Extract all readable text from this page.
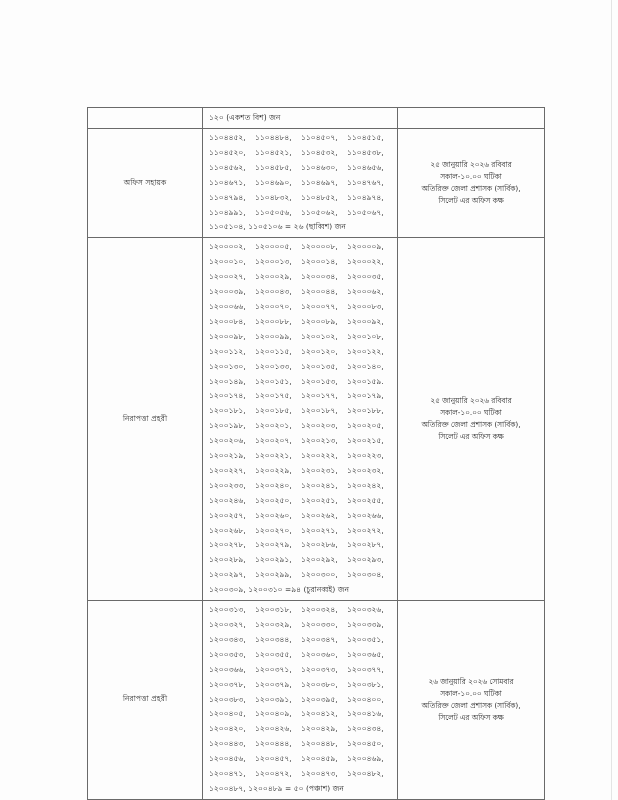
	১২০ (একশত বিশ) জন	
অফিস সহায়ক	
১১০৪৪৫২,	১১০৪৪৮৪,	১১০৪৫০৭,	১১০৪৫১৫,
১১০৪৫২০,	১১০৪৫২১,	১১০৪৫৩২,	১১০৪৫৩৮,
১১০৪৫৬২,	১১০৪৫৮৫,	১১০৪৬৩০,	১১০৪৬৫৬,
১১০৪৬৭১,	১১০৪৬৯০,	১১০৪৬৯৭,	১১০৪৭৬৭,
১১০৪৭৯৪,	১১০৪৮৩২,	১১০৪৮৫২,	১১০৪৯৭৪,
১১০৪৯৯১,	১১০৫০৫৬,	১১০৫০৬২,	১১০৫০৬৭,
১১০৫১০৪, ১১০৫১০৬ = ২৬ (ছাব্বিশ) জন

২৫ জানুয়ারি ২০২৬ রবিবার
সকাল-১০.০০ ঘটিকা
অতিরিক্ত জেলা প্রশাসক (সার্বিক),
সিলেট এর অফিস কক্ষ

নিরাপত্তা প্রহরী	
১২০০০০২,	১২০০০০৫,	১২০০০০৮,	১২০০০০৯,
১২০০০১০,	১২০০০১৩,	১২০০০১৪,	১২০০০২২,
১২০০০২৭,	১২০০০২৯,	১২০০০৩৪,	১২০০০৩৫,
১২০০০৩৯,	১২০০০৪৩,	১২০০০৪৪,	১২০০০৬২,
১২০০০৬৬,	১২০০০৭০,	১২০০০৭৭,	১২০০০৮৩,
১২০০০৮৪,	১২০০০৮৮,	১২০০০৮৯,	১২০০০৯২,
১২০০০৯৮,	১২০০০৯৯,	১২০০১০২,	১২০০১০৮,
১২০০১১২,	১২০০১১৫,	১২০০১২০,	১২০০১২২,
১২০০১৩০,	১২০০১৩৩,	১২০০১৩৫,	১২০০১৪০,
১২০০১৪৯,	১২০০১৫১,	১২০০১৫৩,	১২০০১৫৯.
১২০০১৭৪,	১২০০১৭৫,	১২০০১৭৭,	১২০০১৭৯,
১২০০১৮১,	১২০০১৮৫,	১২০০১৮৭,	১২০০১৮৮,
১২০০১৯৮,	১২০০২০১,	১২০০২০৩,	১২০০২০৫,
১২০০২০৬,	১২০০২০৭,	১২০০২১৩,	১২০০২১৫,
১২০০২১৯,	১২০০২২১,	১২০০২২২,	১২০০২২৩,
১২০০২২৭,	১২০০২২৯,	১২০০২৩১,	১২০০২৩২,
১২০০২৩৩,	১২০০২৪০,	১২০০২৪১,	১২০০২৪২,
১২০০২৪৬,	১২০০২৫০,	১২০০২৫১,	১২০০২৫৫,
১২০০২৫৭,	১২০০২৬০,	১২০০২৬২,	১২০০২৬৬,
১২০০২৬৮,	১২০০২৭০,	১২০০২৭১,	১২০০২৭২,
১২০০২৭৮,	১২০০২৭৯,	১২০০২৮৬,	১২০০২৮৭,
১২০০২৮৯,	১২০০২৯১,	১২০০২৯২,	১২০০২৯৩,
১২০০২৯৭,	১২০০২৯৯,	১২০০৩০০,	১২০০৩০৪,
১২০০৩০৯, ১২০০৩১০ =৯৪ (চুরানব্বই) জন

২৫ জানুয়ারি ২০২৬ রবিবার
সকাল-১০.০০ ঘটিকা
অতিরিক্ত জেলা প্রশাসক (সার্বিক),
সিলেট এর অফিস কক্ষ

নিরাপত্তা প্রহরী	
১২০০৩১৩,	১২০০৩১৮,	১২০০৩২৪,	১২০০৩২৬,
১২০০৩২৭,	১২০০৩২৯,	১২০০৩৩০,	১২০০৩৩৯,
১২০০৩৪৩,	১২০০৩৪৪,	১২০০৩৪৭,	১২০০৩৫১,
১২০০৩৫৩,	১২০০৩৫৫,	১২০০৩৬০,	১২০০৩৬৫,
১২০০৩৬৬,	১২০০৩৭১,	১২০০৩৭৩,	১২০০৩৭৭,
১২০০৩৭৮,	১২০০৩৭৯,	১২০০৩৮০,	১২০০৩৮১,
১২০০৩৮৩,	১২০০৩৯১,	১২০০৩৯৫,	১২০০৪০০,
১২০০৪০৫,	১২০০৪০৯,	১২০০৪১২,	১২০০৪১৬,
১২০০৪২০,	১২০০৪২৬,	১২০০৪২৯,	১২০০৪৩৪,
১২০০৪৪৩,	১২০০৪৪৪,	১২০০৪৪৮,	১২০০৪৫০,
১২০০৪৫৬,	১২০০৪৫৭,	১২০০৪৫৯,	১২০০৪৬৯,
১২০০৪৭১,	১২০০৪৭২,	১২০০৪৭৩,	১২০০৪৮২,
১২০০৪৮৭, ১২০০৪৮৯ = ৫০ (পঞ্চাশ) জন

২৬ জানুয়ারি ২০২৬ সোমবার
সকাল-১০.০০ ঘটিকা
অতিরিক্ত জেলা প্রশাসক (সার্বিক),
সিলেট এর অফিস কক্ষ
